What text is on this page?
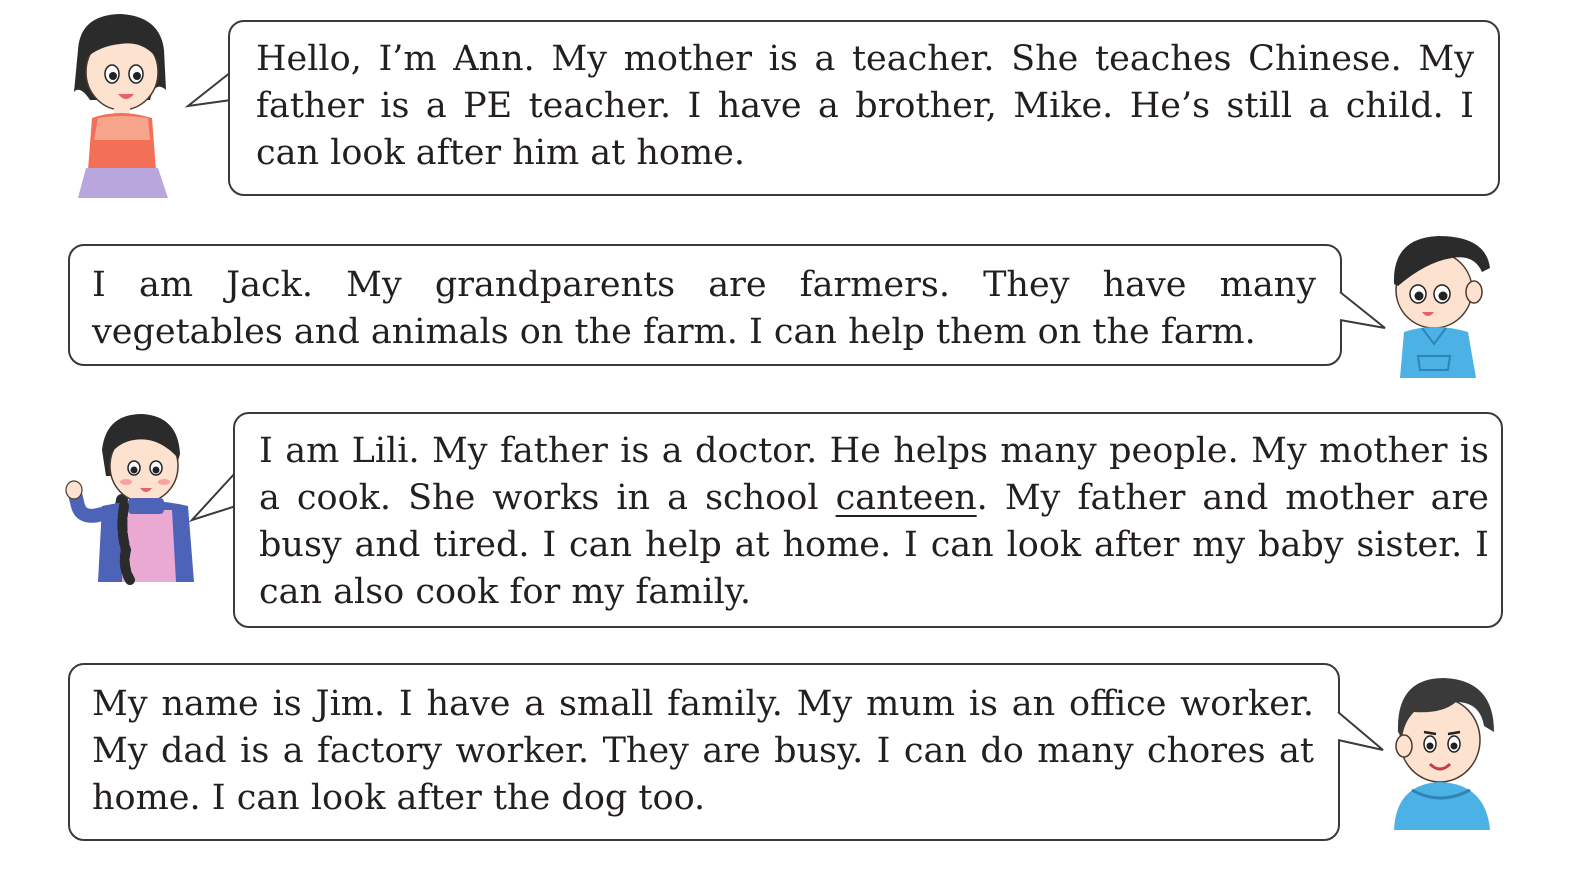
Hello, I’m Ann. My mother is a teacher. She teaches Chinese. My father is a PE teacher. I have a brother, Mike. He’s still a child. I can look after him at home.

I am Jack. My grandparents are farmers. They have many vegetables and animals on the farm. I can help them on the farm.

I am Lili. My father is a doctor. He helps many people. My mother is a cook. She works in a school canteen. My father and mother are busy and tired. I can help at home. I can look after my baby sister. I can also cook for my family.

My name is Jim. I have a small family. My mum is an office worker. My dad is a factory worker. They are busy. I can do many chores at home. I can look after the dog too.
